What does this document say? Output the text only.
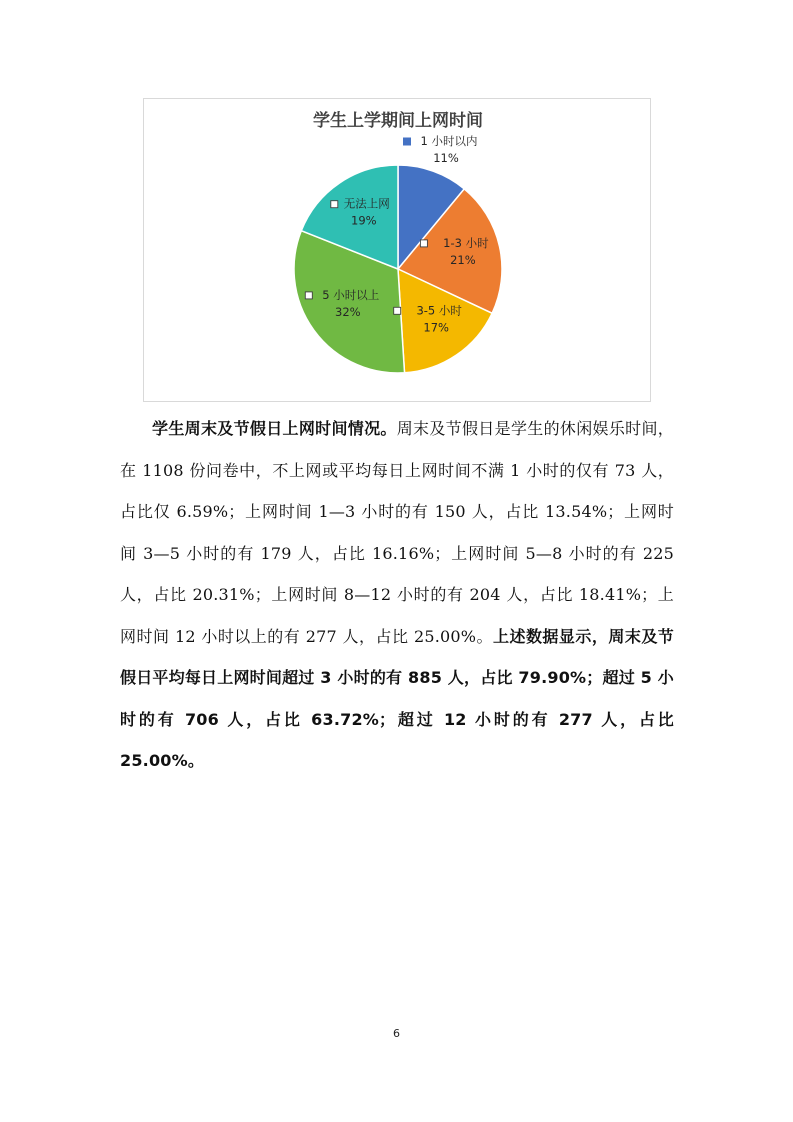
学生上学期间上网时间
1 小时以内
11%
1-3 小时
21%
3-5 小时
17%
5 小时以上
32%
无法上网
19%

学生周末及节假日上网时间情况。周末及节假日是学生的休闲娱乐时间，在 1108 份问卷中，不上网或平均每日上网时间不满 1 小时的仅有 73 人，占比仅 6.59%；上网时间 1—3 小时的有 150 人，占比 13.54%；上网时间 3—5 小时的有 179 人，占比 16.16%；上网时间 5—8 小时的有 225 人，占比 20.31%；上网时间 8—12 小时的有 204 人，占比 18.41%；上网时间 12 小时以上的有 277 人，占比 25.00%。上述数据显示，周末及节假日平均每日上网时间超过 3 小时的有 885 人，占比 79.90%；超过 5 小时的有 706 人，占比 63.72%；超过 12 小时的有 277 人，占比 25.00%。

6
